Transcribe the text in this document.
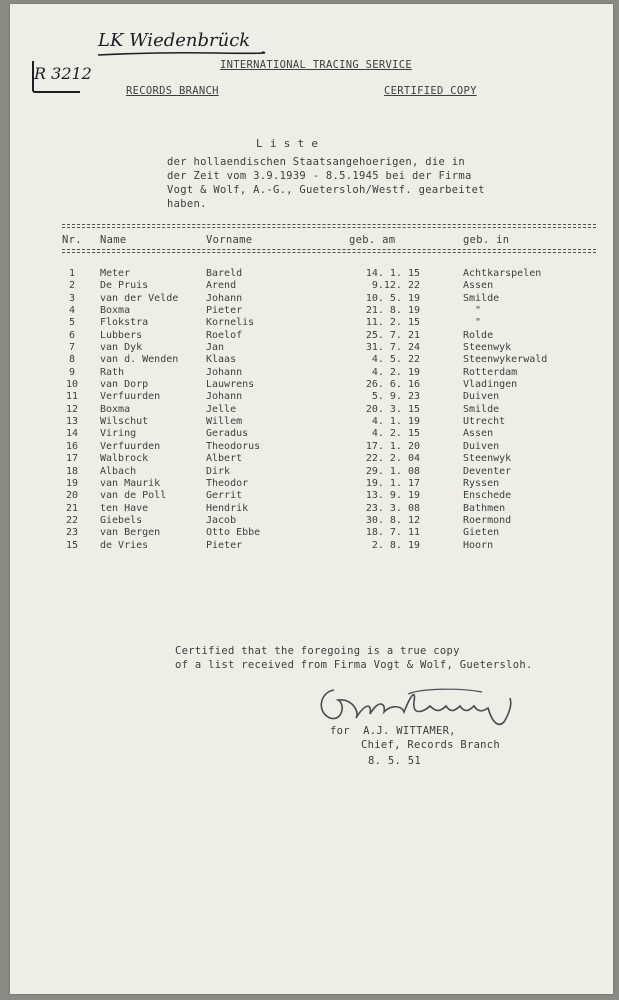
LK Wiedenbrück
R 3212	INTERNATIONAL TRACING SERVICE
RECORDS BRANCH	CERTIFIED COPY
L i s t e
der hollaendischen Staatsangehoerigen, die in
der Zeit vom 3.9.1939 - 8.5.1945 bei der Firma
Vogt & Wolf, A.-G., Guetersloh/Westf. gearbeitet
haben.
Nr. Name	Vorname	geb. am	geb. in
1	Meter	Bareld	14. 1. 15	Achtkarspelen
2	De Pruis	Arend	9.12. 22	Assen
3	van der Velde	Johann	10. 5. 19	Smilde
4	Boxma	Pieter	21. 8. 19	"
5	Flokstra	Kornelis	11. 2. 15	"
6	Lubbers	Roelof	25. 7. 21	Rolde
7	van Dyk	Jan	31. 7. 24	Steenwyk
8	van d. Wenden	Klaas	4. 5. 22	Steenwykerwald
9	Rath	Johann	4. 2. 19	Rotterdam
10	van Dorp	Lauwrens	26. 6. 16	Vladingen
11	Verfuurden	Johann	5. 9. 23	Duiven
12	Boxma	Jelle	20. 3. 15	Smilde
13	Wilschut	Willem	4. 1. 19	Utrecht
14	Viring	Geradus	4. 2. 15	Assen
16	Verfuurden	Theodorus	17. 1. 20	Duiven
17	Walbrock	Albert	22. 2. 04	Steenwyk
18	Albach	Dirk	29. 1. 08	Deventer
19	van Maurik	Theodor	19. 1. 17	Ryssen
20	van de Poll	Gerrit	13. 9. 19	Enschede
21	ten Have	Hendrik	23. 3. 08	Bathmen
22	Giebels	Jacob	30. 8. 12	Roermond
23	van Bergen	Otto Ebbe	18. 7. 11	Gieten
15	de Vries	Pieter	2. 8. 19	Hoorn
Certified that the foregoing is a true copy
of a list received from Firma Vogt & Wolf, Guetersloh.
for  A.J. WITTAMER,
Chief, Records Branch
8. 5. 51
